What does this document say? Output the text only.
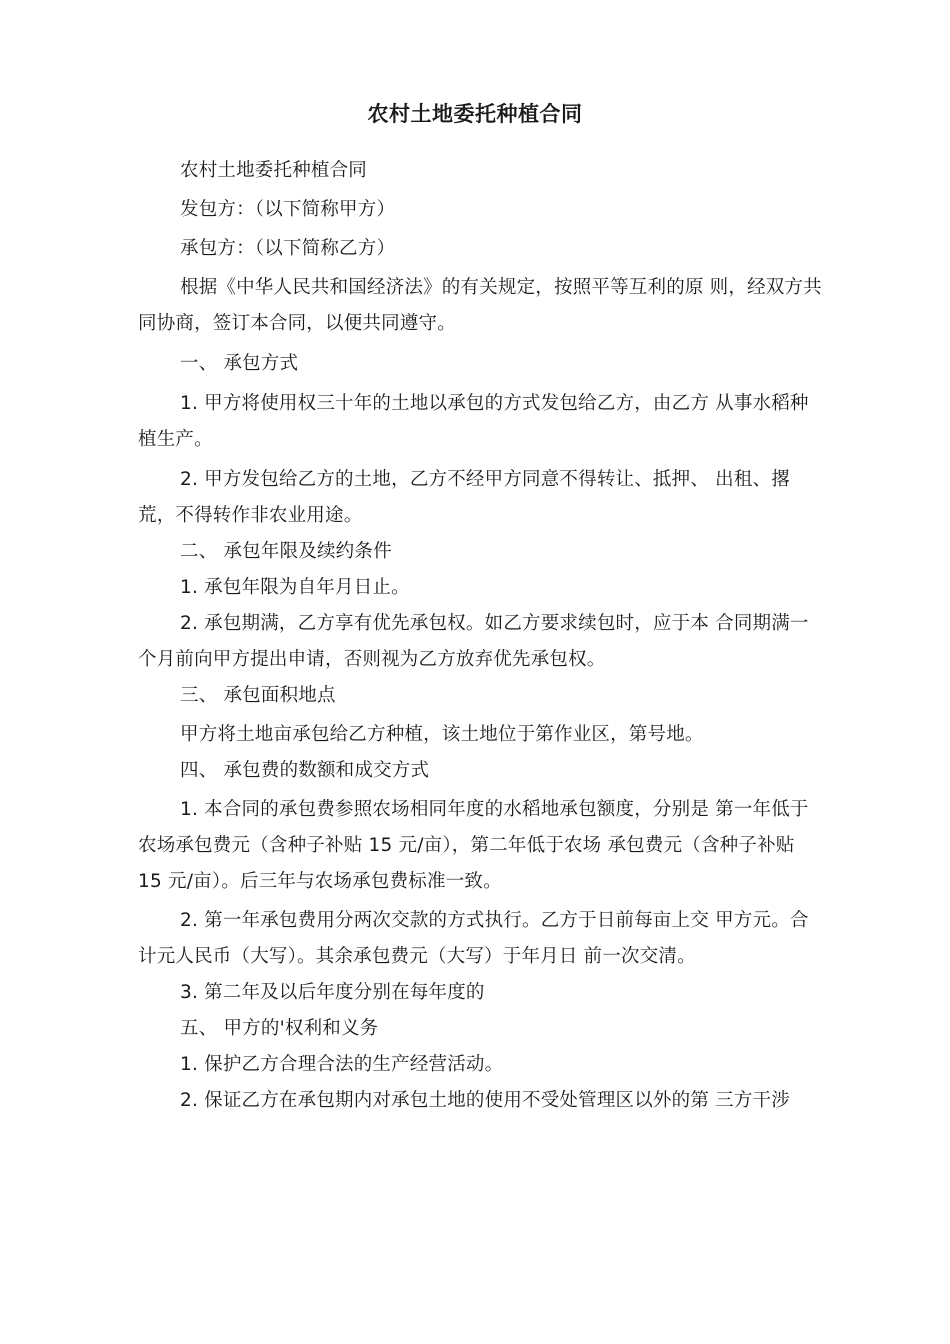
农村土地委托种植合同

农村土地委托种植合同

发包方：（以下简称甲方）

承包方：（以下简称乙方）

根据《中华人民共和国经济法》的有关规定，按照平等互利的原 则，经双方共同协商，签订本合同，以便共同遵守。

一、 承包方式

1. 甲方将使用权三十年的土地以承包的方式发包给乙方，由乙方 从事水稻种植生产。

2. 甲方发包给乙方的土地，乙方不经甲方同意不得转让、抵押、 出租、撂荒，不得转作非农业用途。

二、 承包年限及续约条件

1. 承包年限为自年月日止。

2. 承包期满，乙方享有优先承包权。如乙方要求续包时，应于本 合同期满一个月前向甲方提出申请，否则视为乙方放弃优先承包权。

三、 承包面积地点

甲方将土地亩承包给乙方种植，该土地位于第作业区，第号地。

四、 承包费的数额和成交方式

1. 本合同的承包费参照农场相同年度的水稻地承包额度，分别是 第一年低于农场承包费元（含种子补贴 15 元/亩），第二年低于农场 承包费元（含种子补贴 15 元/亩）。后三年与农场承包费标准一致。

2. 第一年承包费用分两次交款的方式执行。乙方于日前每亩上交 甲方元。合计元人民币（大写）。其余承包费元（大写）于年月日 前一次交清。

3. 第二年及以后年度分别在每年度的

五、 甲方的'权利和义务

1. 保护乙方合理合法的生产经营活动。

2. 保证乙方在承包期内对承包土地的使用不受处管理区以外的第 三方干涉
